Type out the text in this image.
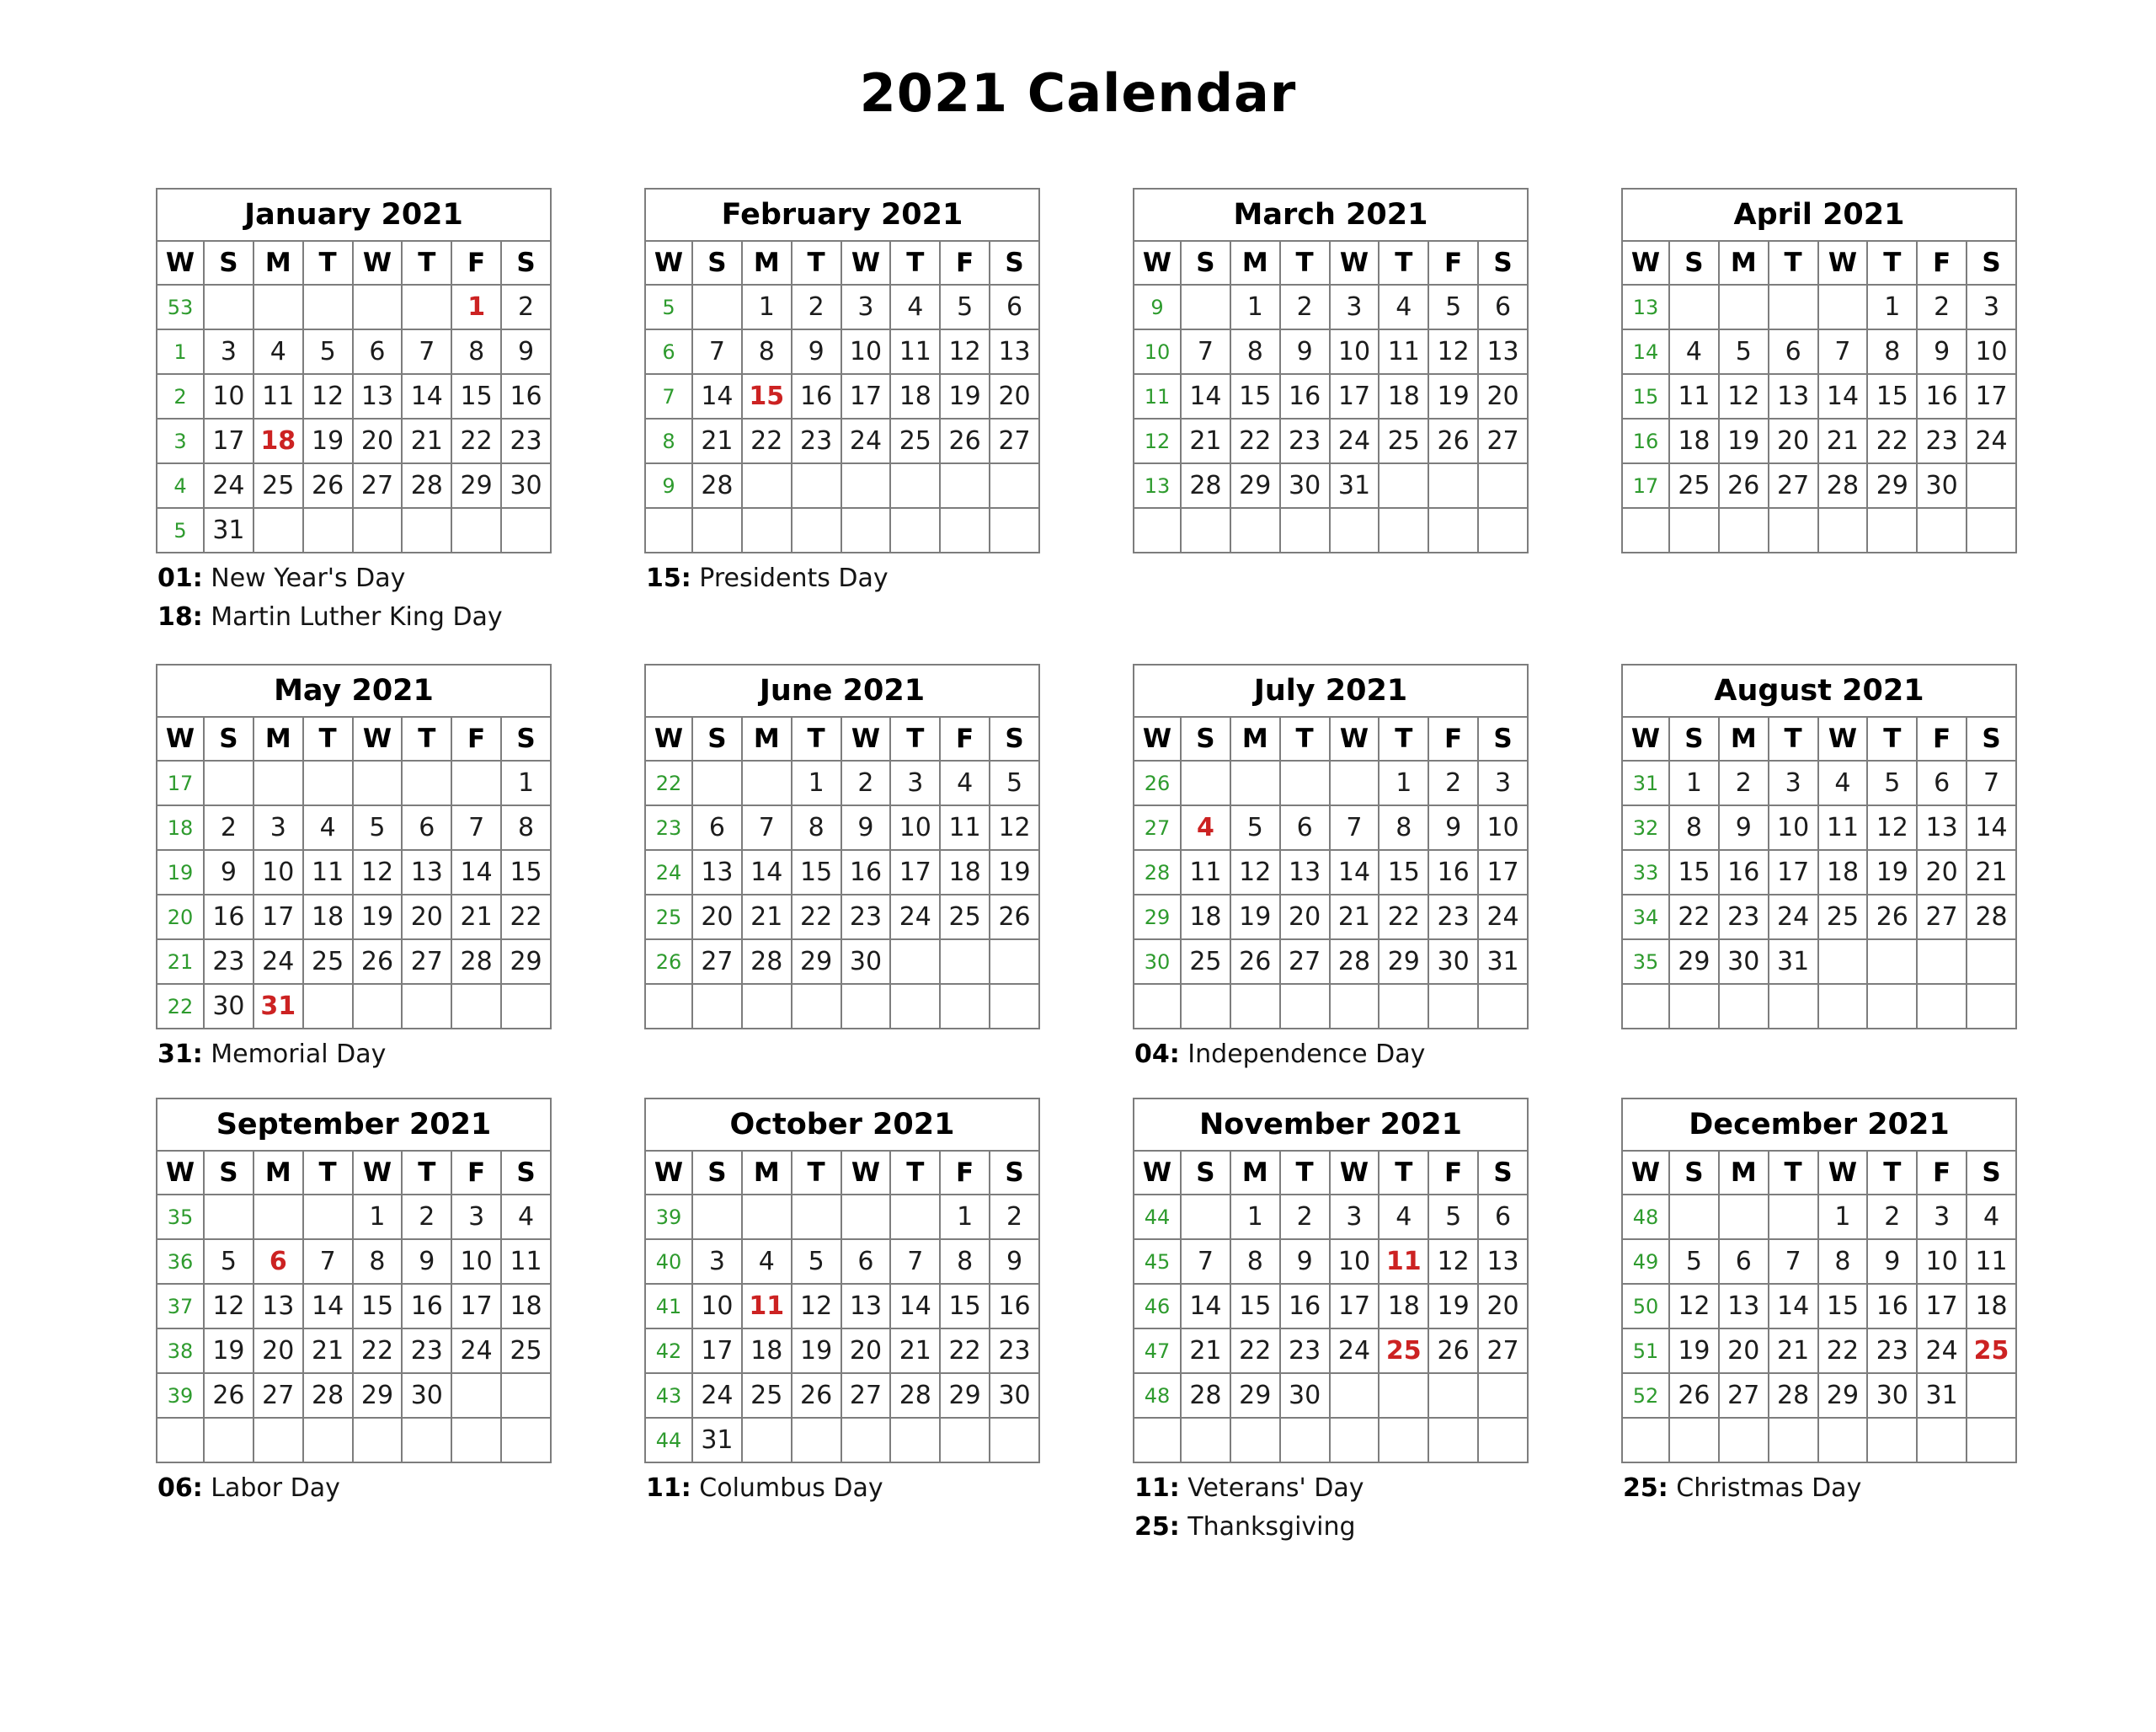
2021 Calendar
January 2021							
W	S	M	T	W	T	F	S
53						1	2
1	3	4	5	6	7	8	9
2	10	11	12	13	14	15	16
3	17	18	19	20	21	22	23
4	24	25	26	27	28	29	30
5	31						
01: New Year's Day
18: Martin Luther King Day
February 2021							
W	S	M	T	W	T	F	S
5		1	2	3	4	5	6
6	7	8	9	10	11	12	13
7	14	15	16	17	18	19	20
8	21	22	23	24	25	26	27
9	28						

15: Presidents Day
March 2021							
W	S	M	T	W	T	F	S
9		1	2	3	4	5	6
10	7	8	9	10	11	12	13
11	14	15	16	17	18	19	20
12	21	22	23	24	25	26	27
13	28	29	30	31			

April 2021							
W	S	M	T	W	T	F	S
13					1	2	3
14	4	5	6	7	8	9	10
15	11	12	13	14	15	16	17
16	18	19	20	21	22	23	24
17	25	26	27	28	29	30	

May 2021							
W	S	M	T	W	T	F	S
17							1
18	2	3	4	5	6	7	8
19	9	10	11	12	13	14	15
20	16	17	18	19	20	21	22
21	23	24	25	26	27	28	29
22	30	31					
31: Memorial Day
June 2021							
W	S	M	T	W	T	F	S
22			1	2	3	4	5
23	6	7	8	9	10	11	12
24	13	14	15	16	17	18	19
25	20	21	22	23	24	25	26
26	27	28	29	30			

July 2021							
W	S	M	T	W	T	F	S
26					1	2	3
27	4	5	6	7	8	9	10
28	11	12	13	14	15	16	17
29	18	19	20	21	22	23	24
30	25	26	27	28	29	30	31

04: Independence Day
August 2021							
W	S	M	T	W	T	F	S
31	1	2	3	4	5	6	7
32	8	9	10	11	12	13	14
33	15	16	17	18	19	20	21
34	22	23	24	25	26	27	28
35	29	30	31				

September 2021							
W	S	M	T	W	T	F	S
35				1	2	3	4
36	5	6	7	8	9	10	11
37	12	13	14	15	16	17	18
38	19	20	21	22	23	24	25
39	26	27	28	29	30		

06: Labor Day
October 2021							
W	S	M	T	W	T	F	S
39						1	2
40	3	4	5	6	7	8	9
41	10	11	12	13	14	15	16
42	17	18	19	20	21	22	23
43	24	25	26	27	28	29	30
44	31						
11: Columbus Day
November 2021							
W	S	M	T	W	T	F	S
44		1	2	3	4	5	6
45	7	8	9	10	11	12	13
46	14	15	16	17	18	19	20
47	21	22	23	24	25	26	27
48	28	29	30				

11: Veterans' Day
25: Thanksgiving
December 2021							
W	S	M	T	W	T	F	S
48				1	2	3	4
49	5	6	7	8	9	10	11
50	12	13	14	15	16	17	18
51	19	20	21	22	23	24	25
52	26	27	28	29	30	31	

25: Christmas Day
